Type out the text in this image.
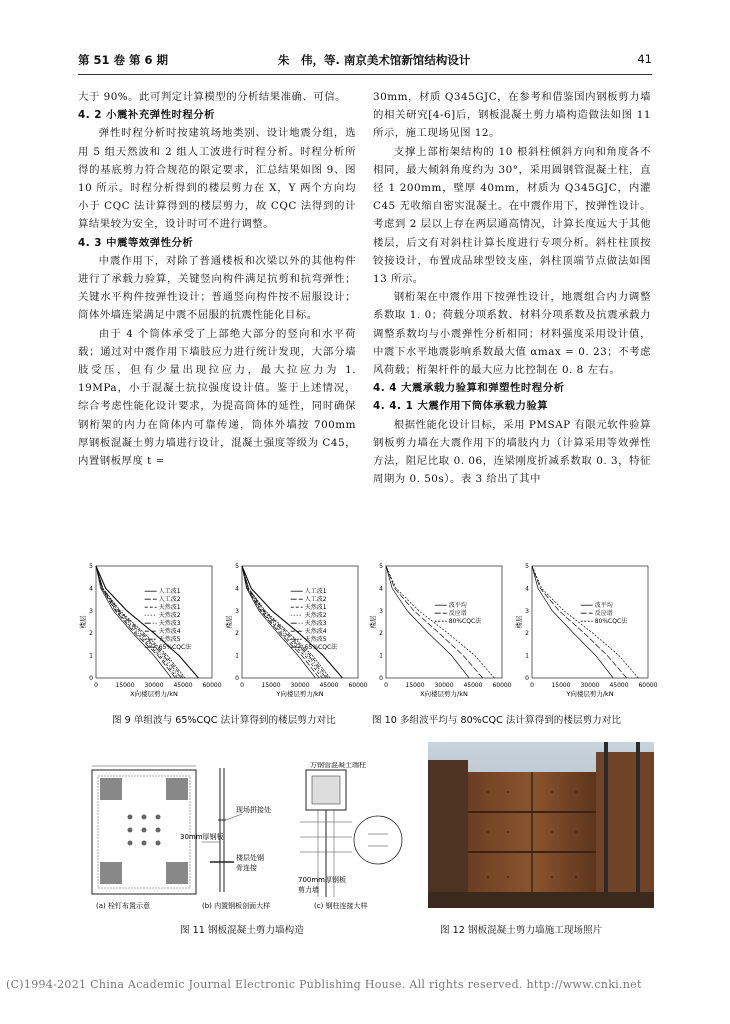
第 51 卷 第 6 期	朱　伟，等. 南京美术馆新馆结构设计	41

大于 90%。此可判定计算模型的分析结果准确、可信。

4. 2 小震补充弹性时程分析

弹性时程分析时按建筑场地类别、设计地震分组，选用 5 组天然波和 2 组人工波进行时程分析。时程分析所得的基底剪力符合规范的限定要求，汇总结果如图 9、图 10 所示。时程分析得到的楼层剪力在 X，Y 两个方向均小于 CQC 法计算得到的楼层剪力，故 CQC 法得到的计算结果较为安全，设计时可不进行调整。

4. 3 中震等效弹性分析

中震作用下，对除了普通楼板和次梁以外的其他构件进行了承载力验算，关键竖向构件满足抗剪和抗弯弹性；关键水平构件按弹性设计；普通竖向构件按不屈服设计；筒体外墙连梁满足中震不屈服的抗震性能化目标。

由于 4 个筒体承受了上部绝大部分的竖向和水平荷载；通过对中震作用下墙肢应力进行统计发现，大部分墙肢受压，但有少量出现拉应力，最大拉应力为 1. 19MPa，小于混凝土抗拉强度设计值。鉴于上述情况，综合考虑性能化设计要求，为提高筒体的延性，同时确保钢桁架的内力在筒体内可靠传递，筒体外墙按 700mm 厚钢板混凝土剪力墙进行设计，混凝土强度等级为 C45，内置钢板厚度 t =

30mm，材质 Q345GJC，在参考和借鉴国内钢板剪力墙的相关研究[4-6]后，钢板混凝土剪力墙构造做法如图 11 所示，施工现场见图 12。

支撑上部桁架结构的 10 根斜柱倾斜方向和角度各不相同，最大倾斜角度约为 30°，采用圆钢管混凝土柱，直径 1 200mm，壁厚 40mm，材质为 Q345GJC，内灌 C45 无收缩自密实混凝土。在中震作用下，按弹性设计。考虑到 2 层以上存在两层通高情况，计算长度远大于其他楼层，后文有对斜柱计算长度进行专项分析。斜柱柱顶按铰接设计，布置成品球型铰支座，斜柱顶端节点做法如图 13 所示。

钢桁架在中震作用下按弹性设计，地震组合内力调整系数取 1. 0；荷载分项系数、材料分项系数及抗震承载力调整系数均与小震弹性分析相同；材料强度采用设计值，中震下水平地震影响系数最大值 αmax = 0. 23；不考虑风荷载；桁架杆件的最大应力比控制在 0. 8 左右。

4. 4 大震承载力验算和弹塑性时程分析

4. 4. 1 大震作用下筒体承载力验算

根据性能化设计目标，采用 PMSAP 有限元软件验算钢板剪力墙在大震作用下的墙肢内力（计算采用等效弹性方法，阻尼比取 0. 06，连梁刚度折减系数取 0. 3，特征周期为 0. 50s）。表 3 给出了其中

0	15000 30000 45000 60000
0
1
2
3
4
5
X向楼层剪力/kN
楼层
人工波1
人工波2
天然波1
天然波2
天然波3
天然波4
天然波5
65%CQC法
0	15000 30000 45000 60000
0
1
2
3
4
5
Y向楼层剪力/kN
楼层
人工波1
人工波2
天然波1
天然波2
天然波3
天然波4
天然波5
65%CQC法
0	15000 30000 45000 60000
0
1
2
3
4
5
X向楼层剪力/kN
楼层
波平均
反应谱
80%CQC法
0	15000 30000 45000 60000
0
1
2
3
4
5
Y向楼层剪力/kN
楼层
波平均
反应谱
80%CQC法
图 9 单组波与 65%CQC 法计算得到的楼层剪力对比	图 10 多组波平均与 80%CQC 法计算得到的楼层剪力对比
(a) 栓钉布置示意
现场拼接处
30mm厚钢板
楼层处钢
骨连接
(b) 内置钢板剖面大样
方钢管混凝土端柱
700mm厚钢板
剪力墙
(c) 钢柱连接大样
图 11 钢板混凝土剪力墙构造	图 12 钢板混凝土剪力墙施工现场照片
(C)1994-2021 China Academic Journal Electronic Publishing House. All rights reserved. http://www.cnki.net
